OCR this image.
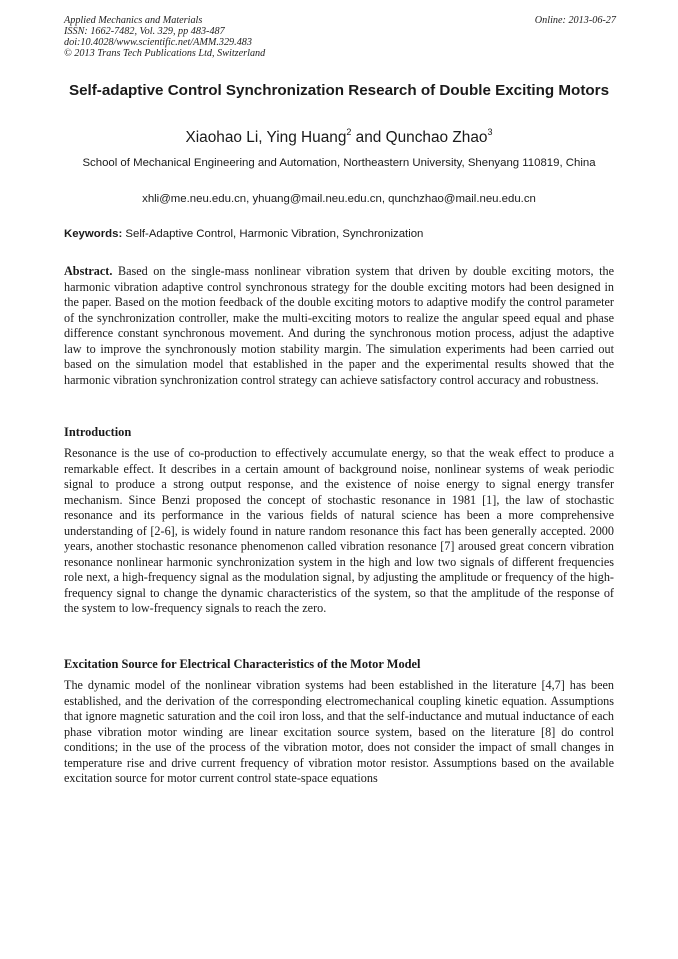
Applied Mechanics and Materials
ISSN: 1662-7482, Vol. 329, pp 483-487
doi:10.4028/www.scientific.net/AMM.329.483
© 2013 Trans Tech Publications Ltd, Switzerland
Online: 2013-06-27
Self-adaptive Control Synchronization Research of Double Exciting Motors
Xiaohao Li, Ying Huang$^2$ and Qunchao Zhao$^3$
School of Mechanical Engineering and Automation, Northeastern University, Shenyang 110819, China
xhli@me.neu.edu.cn, yhuang@mail.neu.edu.cn, qunchzhao@mail.neu.edu.cn
Keywords: Self-Adaptive Control, Harmonic Vibration, Synchronization
Abstract. Based on the single-mass nonlinear vibration system that driven by double exciting motors, the harmonic vibration adaptive control synchronous strategy for the double exciting motors had been designed in the paper. Based on the motion feedback of the double exciting motors to adaptive modify the control parameter of the synchronization controller, make the multi-exciting motors to realize the angular speed equal and phase difference constant synchronous movement. And during the synchronous motion process, adjust the adaptive law to improve the synchronously motion stability margin. The simulation experiments had been carried out based on the simulation model that established in the paper and the experimental results showed that the harmonic vibration synchronization control strategy can achieve satisfactory control accuracy and robustness.
Introduction
Resonance is the use of co-production to effectively accumulate energy, so that the weak effect to produce a remarkable effect. It describes in a certain amount of background noise, nonlinear systems of weak periodic signal to produce a strong output response, and the existence of noise energy to signal energy transfer mechanism. Since Benzi proposed the concept of stochastic resonance in 1981 [1], the law of stochastic resonance and its performance in the various fields of natural science has been a more comprehensive understanding of [2-6], is widely found in nature random resonance this fact has been generally accepted. 2000 years, another stochastic resonance phenomenon called vibration resonance [7] aroused great concern vibration resonance nonlinear harmonic synchronization system in the high and low two signals of different frequencies role next, a high-frequency signal as the modulation signal, by adjusting the amplitude or frequency of the high-frequency signal to change the dynamic characteristics of the system, so that the amplitude of the response of the system to low-frequency signals to reach the zero.
Excitation Source for Electrical Characteristics of the Motor Model
The dynamic model of the nonlinear vibration systems had been established in the literature [4,7] has been established, and the derivation of the corresponding electromechanical coupling kinetic equation. Assumptions that ignore magnetic saturation and the coil iron loss, and that the self-inductance and mutual inductance of each phase vibration motor winding are linear excitation source system, based on the literature [8] do control conditions; in the use of the process of the vibration motor, does not consider the impact of small changes in temperature rise and drive current frequency of vibration motor resistor. Assumptions based on the available excitation source for motor current control state-space equations
